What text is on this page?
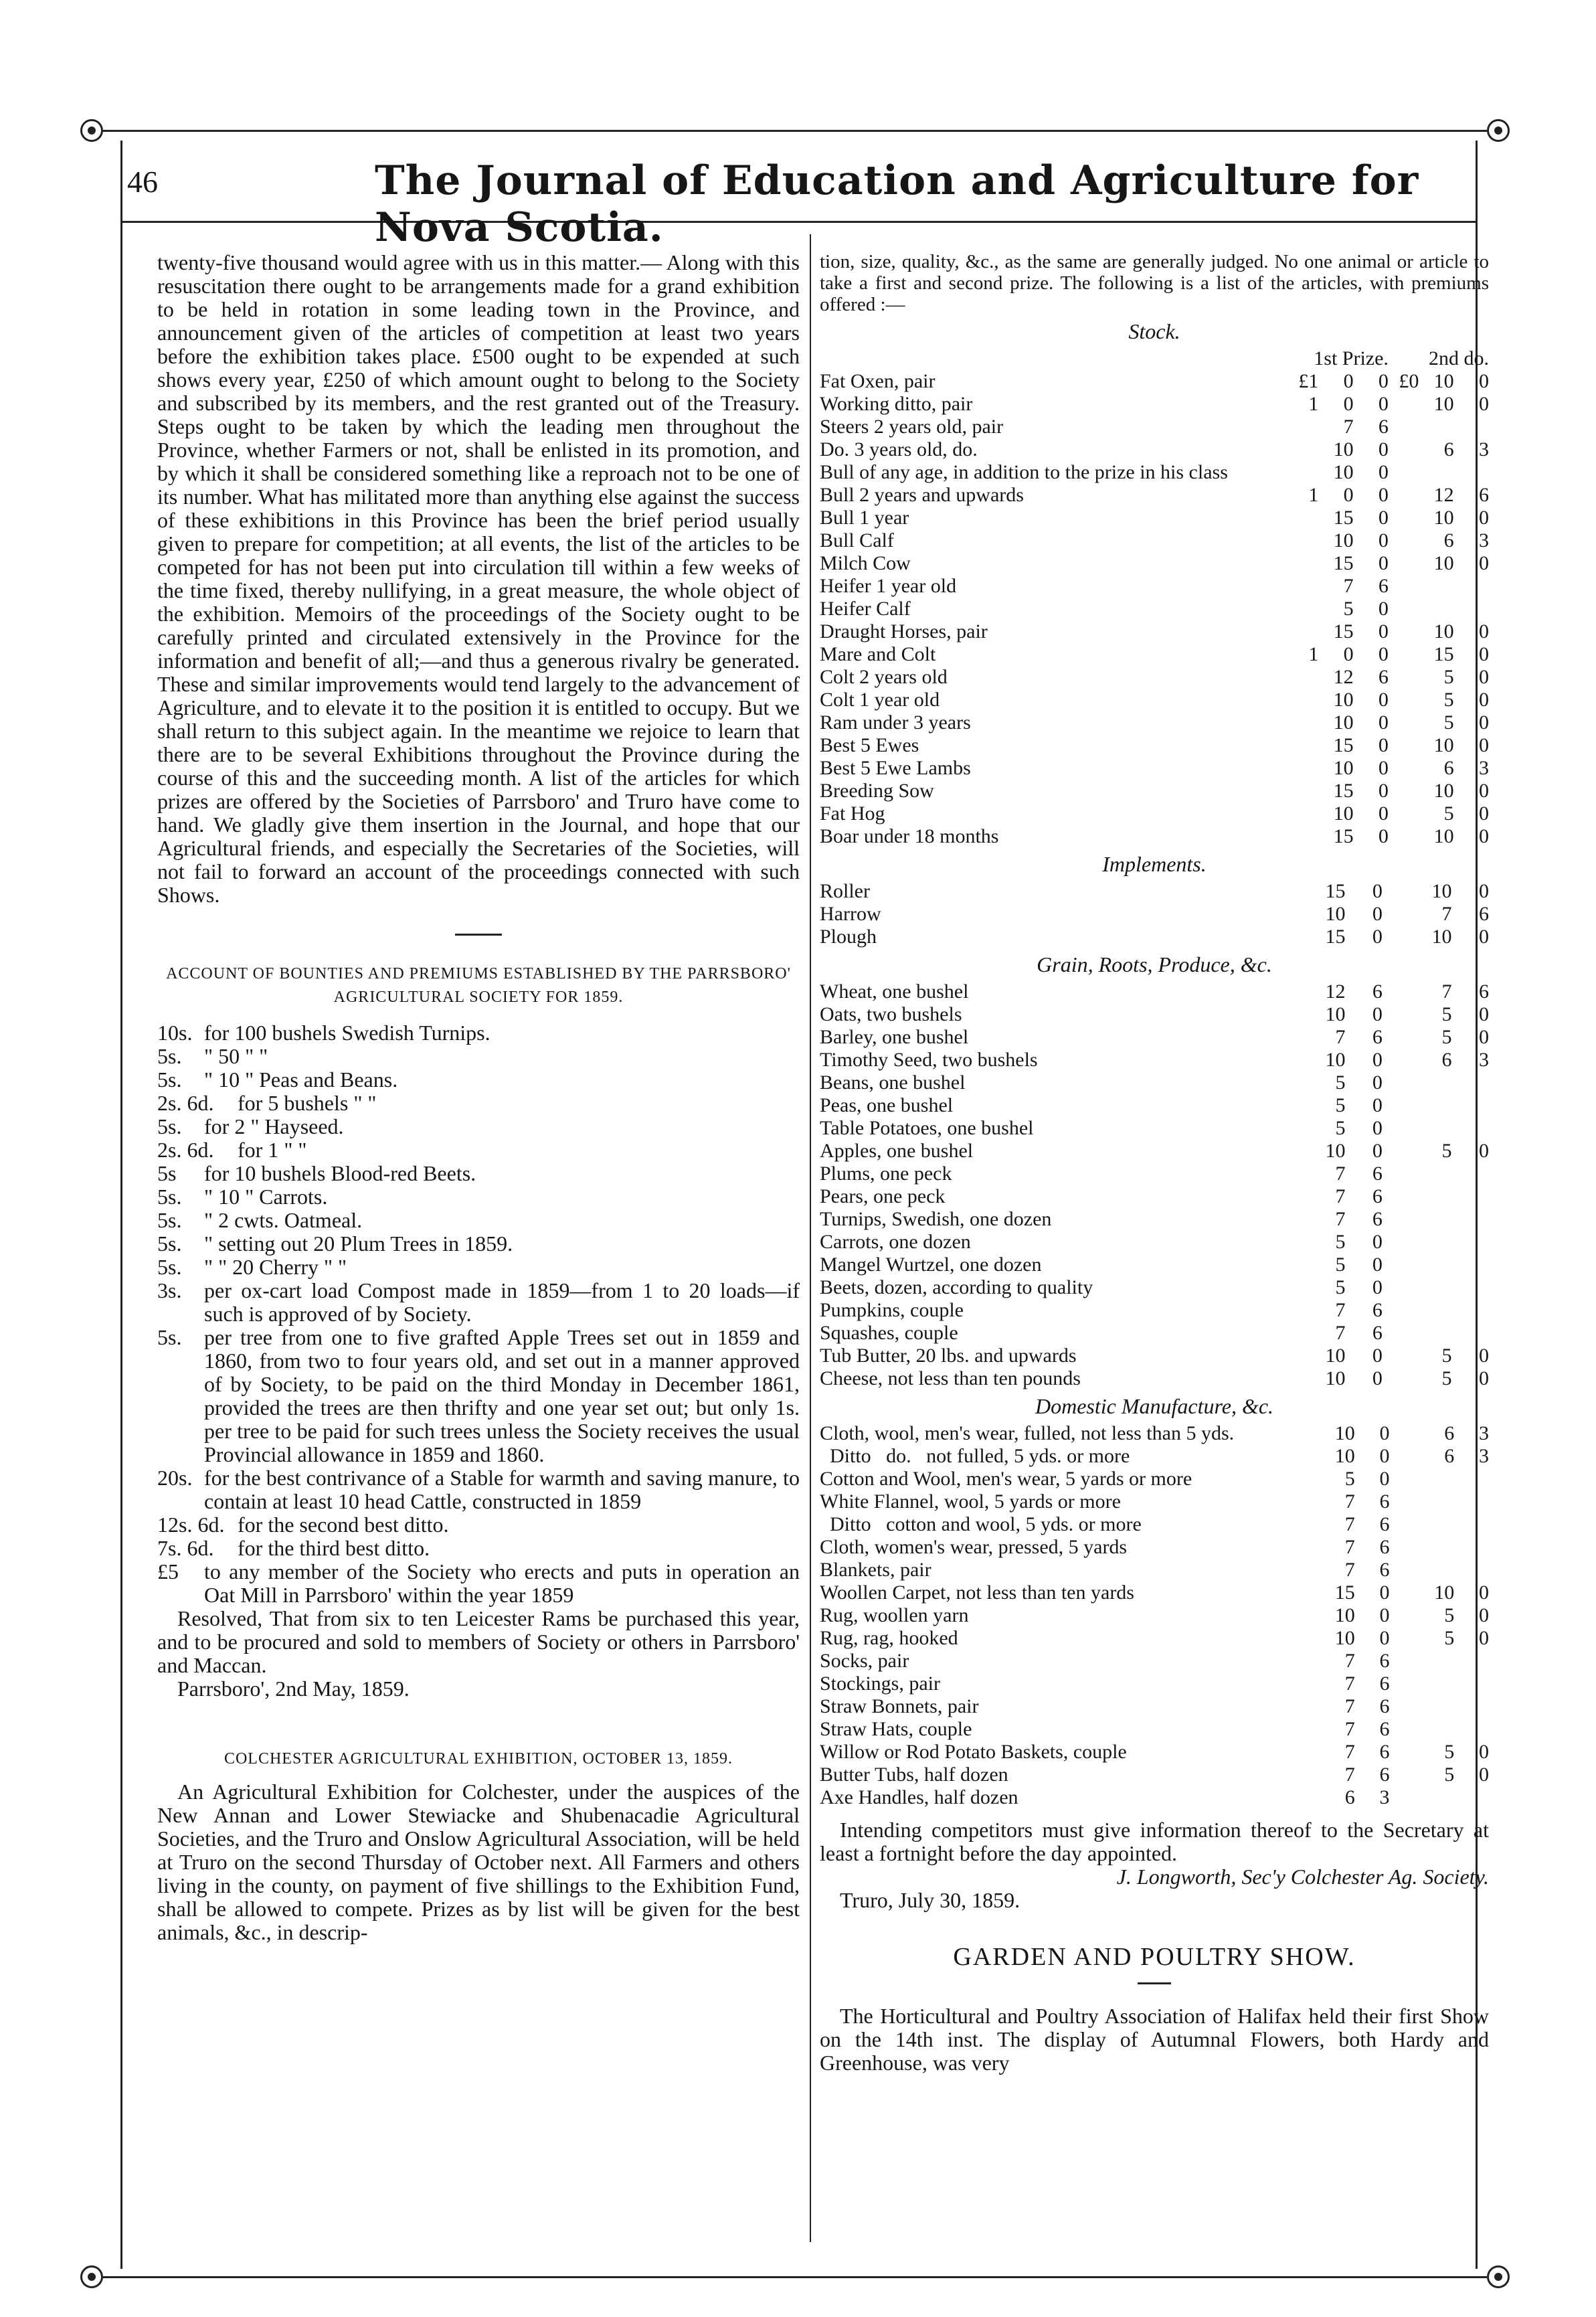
46	The Journal of Education and Agriculture for Nova Scotia.

twenty-five thousand would agree with us in this matter.— Along with this resuscitation there ought to be arrangements made for a grand exhibition to be held in rotation in some leading town in the Province, and announcement given of the articles of competition at least two years before the exhibition takes place. £500 ought to be expended at such shows every year, £250 of which amount ought to belong to the Society and subscribed by its members, and the rest granted out of the Treasury. Steps ought to be taken by which the leading men throughout the Province, whether Farmers or not, shall be enlisted in its promotion, and by which it shall be considered something like a reproach not to be one of its number. What has militated more than anything else against the success of these exhibitions in this Province has been the brief period usually given to prepare for competition; at all events, the list of the articles to be competed for has not been put into circulation till within a few weeks of the time fixed, thereby nullifying, in a great measure, the whole object of the exhibition. Memoirs of the proceedings of the Society ought to be carefully printed and circulated extensively in the Province for the information and benefit of all;—and thus a generous rivalry be generated. These and similar improvements would tend largely to the advancement of Agriculture, and to elevate it to the position it is entitled to occupy. But we shall return to this subject again. In the meantime we rejoice to learn that there are to be several Exhibitions throughout the Province during the course of this and the succeeding month. A list of the articles for which prizes are offered by the Societies of Parrsboro' and Truro have come to hand. We gladly give them insertion in the Journal, and hope that our Agricultural friends, and especially the Secretaries of the Societies, will not fail to forward an account of the proceedings connected with such Shows.

ACCOUNT OF BOUNTIES AND PREMIUMS ESTABLISHED BY THE PARRSBORO' AGRICULTURAL SOCIETY FOR 1859.

10s. for 100 bushels Swedish Turnips.
5s.	" 50 " "
5s.	" 10 " Peas and Beans.
2s. 6d.	for 5 bushels " "
5s.	for 2 " Hayseed.
2s. 6d.	for 1 " "
5s	for 10 bushels Blood-red Beets.
5s.	" 10 " Carrots.
5s.	" 2 cwts. Oatmeal.
5s.	" setting out 20 Plum Trees in 1859.
5s.	" " 20 Cherry " "
3s.	per ox-cart load Compost made in 1859—from 1 to 20 loads—if such is approved of by Society.
5s.	per tree from one to five grafted Apple Trees set out in 1859 and 1860, from two to four years old, and set out in a manner approved of by Society, to be paid on the third Monday in December 1861, provided the trees are then thrifty and one year set out; but only 1s. per tree to be paid for such trees unless the Society receives the usual Provincial allowance in 1859 and 1860.
20s. for the best contrivance of a Stable for warmth and saving manure, to contain at least 10 head Cattle, constructed in 1859
12s. 6d. for the second best ditto.
7s. 6d.	for the third best ditto.
£5	to any member of the Society who erects and puts in operation an Oat Mill in Parrsboro' within the year 1859

Resolved, That from six to ten Leicester Rams be purchased this year, and to be procured and sold to members of Society or others in Parrsboro' and Maccan.

Parrsboro', 2nd May, 1859.

COLCHESTER AGRICULTURAL EXHIBITION, OCTOBER 13, 1859.

An Agricultural Exhibition for Colchester, under the auspices of the New Annan and Lower Stewiacke and Shubenacadie Agricultural Societies, and the Truro and Onslow Agricultural Association, will be held at Truro on the second Thursday of October next. All Farmers and others living in the county, on payment of five shillings to the Exhibition Fund, shall be allowed to compete. Prizes as by list will be given for the best animals, &c., in descrip-

tion, size, quality, &c., as the same are generally judged. No one animal or article to take a first and second prize. The following is a list of the articles, with premiums offered :—

Stock.
	1st Prize.			2nd do.		
Fat Oxen, pair	£1	0	0	£0	10	0
Working ditto, pair	1	0	0		10	0
Steers 2 years old, pair		7	6			
Do. 3 years old, do.		10	0		6	3
Bull of any age, in addition to the prize in his class		10	0			
Bull 2 years and upwards	1	0	0		12	6
Bull 1 year		15	0		10	0
Bull Calf		10	0		6	3
Milch Cow		15	0		10	0
Heifer 1 year old		7	6			
Heifer Calf		5	0			
Draught Horses, pair		15	0		10	0
Mare and Colt	1	0	0		15	0
Colt 2 years old		12	6		5	0
Colt 1 year old		10	0		5	0
Ram under 3 years		10	0		5	0
Best 5 Ewes		15	0		10	0
Best 5 Ewe Lambs		10	0		6	3
Breeding Sow		15	0		10	0
Fat Hog		10	0		5	0
Boar under 18 months		15	0		10	0
Implements.
Roller		15	0		10	0
Harrow		10	0		7	6
Plough		15	0		10	0
Grain, Roots, Produce, &c.
Wheat, one bushel		12	6		7	6
Oats, two bushels		10	0		5	0
Barley, one bushel		7	6		5	0
Timothy Seed, two bushels		10	0		6	3
Beans, one bushel		5	0			
Peas, one bushel		5	0			
Table Potatoes, one bushel		5	0			
Apples, one bushel		10	0		5	0
Plums, one peck		7	6			
Pears, one peck		7	6			
Turnips, Swedish, one dozen		7	6			
Carrots, one dozen		5	0			
Mangel Wurtzel, one dozen		5	0			
Beets, dozen, according to quality		5	0			
Pumpkins, couple		7	6			
Squashes, couple		7	6			
Tub Butter, 20 lbs. and upwards		10	0		5	0
Cheese, not less than ten pounds		10	0		5	0
Domestic Manufacture, &c.
Cloth, wool, men's wear, fulled, not less than 5 yds.		10	0		6	3
Ditto   do.   not fulled, 5 yds. or more		10	0		6	3
Cotton and Wool, men's wear, 5 yards or more		5	0			
White Flannel, wool, 5 yards or more		7	6			
Ditto   cotton and wool, 5 yds. or more		7	6			
Cloth, women's wear, pressed, 5 yards		7	6			
Blankets, pair		7	6			
Woollen Carpet, not less than ten yards		15	0		10	0
Rug, woollen yarn		10	0		5	0
Rug, rag, hooked		10	0		5	0
Socks, pair		7	6			
Stockings, pair		7	6			
Straw Bonnets, pair		7	6			
Straw Hats, couple		7	6			
Willow or Rod Potato Baskets, couple		7	6		5	0
Butter Tubs, half dozen		7	6		5	0
Axe Handles, half dozen		6	3			

Intending competitors must give information thereof to the Secretary at least a fortnight before the day appointed.

J. Longworth, Sec'y Colchester Ag. Society.

Truro, July 30, 1859.

GARDEN AND POULTRY SHOW.

The Horticultural and Poultry Association of Halifax held their first Show on the 14th inst. The display of Autumnal Flowers, both Hardy and Greenhouse, was very
